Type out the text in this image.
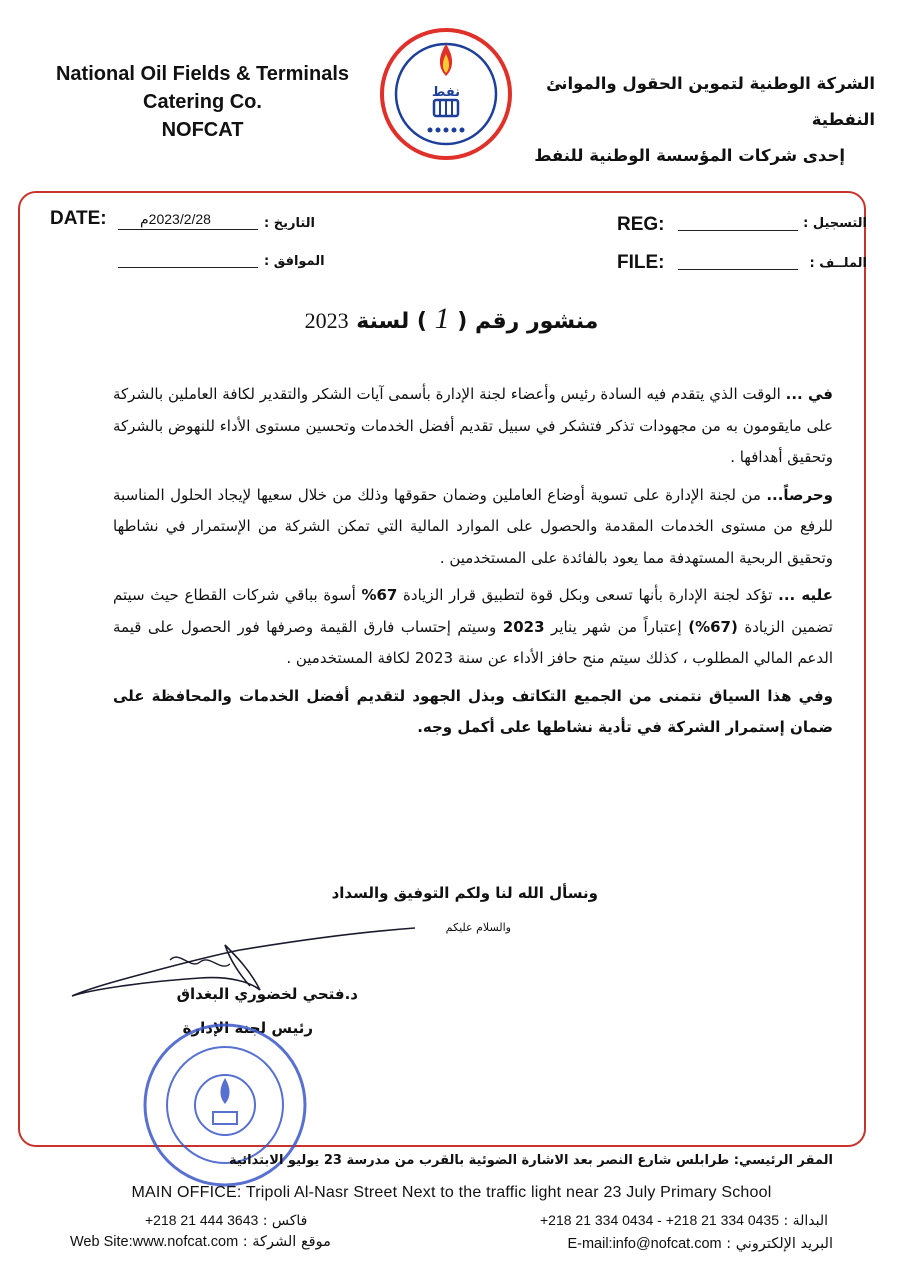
National Oil Fields & Terminals
Catering Co.
NOFCAT
نفط	الشركة الوطنية لتموين الحقول والموانئ النفطية
إحدى شركات المؤسسة الوطنية للنفط
DATE: 2023/2/28م	التاريخ :
الموافق :
REG:	التسجيل :
FILE:	الملــف :
منشور رقم ( 1 ) لسنة 2023

في ... الوقت الذي يتقدم فيه السادة رئيس وأعضاء لجنة الإدارة بأسمى آيات الشكر والتقدير لكافة العاملين بالشركة على مايقومون به من مجهودات تذكر فتشكر في سبيل تقديم أفضل الخدمات وتحسين مستوى الأداء للنهوض بالشركة وتحقيق أهدافها .

وحرصاً... من لجنة الإدارة على تسوية أوضاع العاملين وضمان حقوقها وذلك من خلال سعيها لإيجاد الحلول المناسبة للرفع من مستوى الخدمات المقدمة والحصول على الموارد المالية التي تمكن الشركة من الإستمرار في نشاطها وتحقيق الربحية المستهدفة مما يعود بالفائدة على المستخدمين .

عليه ... تؤكد لجنة الإدارة بأنها تسعى وبكل قوة لتطبيق قرار الزيادة 67% أسوة بباقي شركات القطاع حيث سيتم تضمين الزيادة (67%) إعتباراً من شهر يناير 2023 وسيتم إحتساب فارق القيمة وصرفها فور الحصول على قيمة الدعم المالي المطلوب ، كذلك سيتم منح حافز الأداء عن سنة 2023 لكافة المستخدمين .

وفي هذا السياق نتمنى من الجميع التكاتف وبذل الجهود لتقديم أفضل الخدمات والمحافظة على ضمان إستمرار الشركة في تأدية نشاطها على أكمل وجه.

ونسأل الله لنا ولكم التوفيق والسداد
والسلام عليكم
د.فتحي لخضوري البغداق
رئيس لجنة الإدارة
المقر الرئيسي: طرابلس شارع النصر بعد الاشارة الضوئية بالقرب من مدرسة 23 يوليو الابتدائية
MAIN OFFICE: Tripoli Al-Nasr Street Next to the traffic light near 23 July Primary School
البدالة : +218 21 334 0434 - +218 21 334 0435
فاكس : +218 21 444 3643
البريد الإلكتروني : E-mail:info@nofcat.com
موقع الشركة : Web Site:www.nofcat.com
